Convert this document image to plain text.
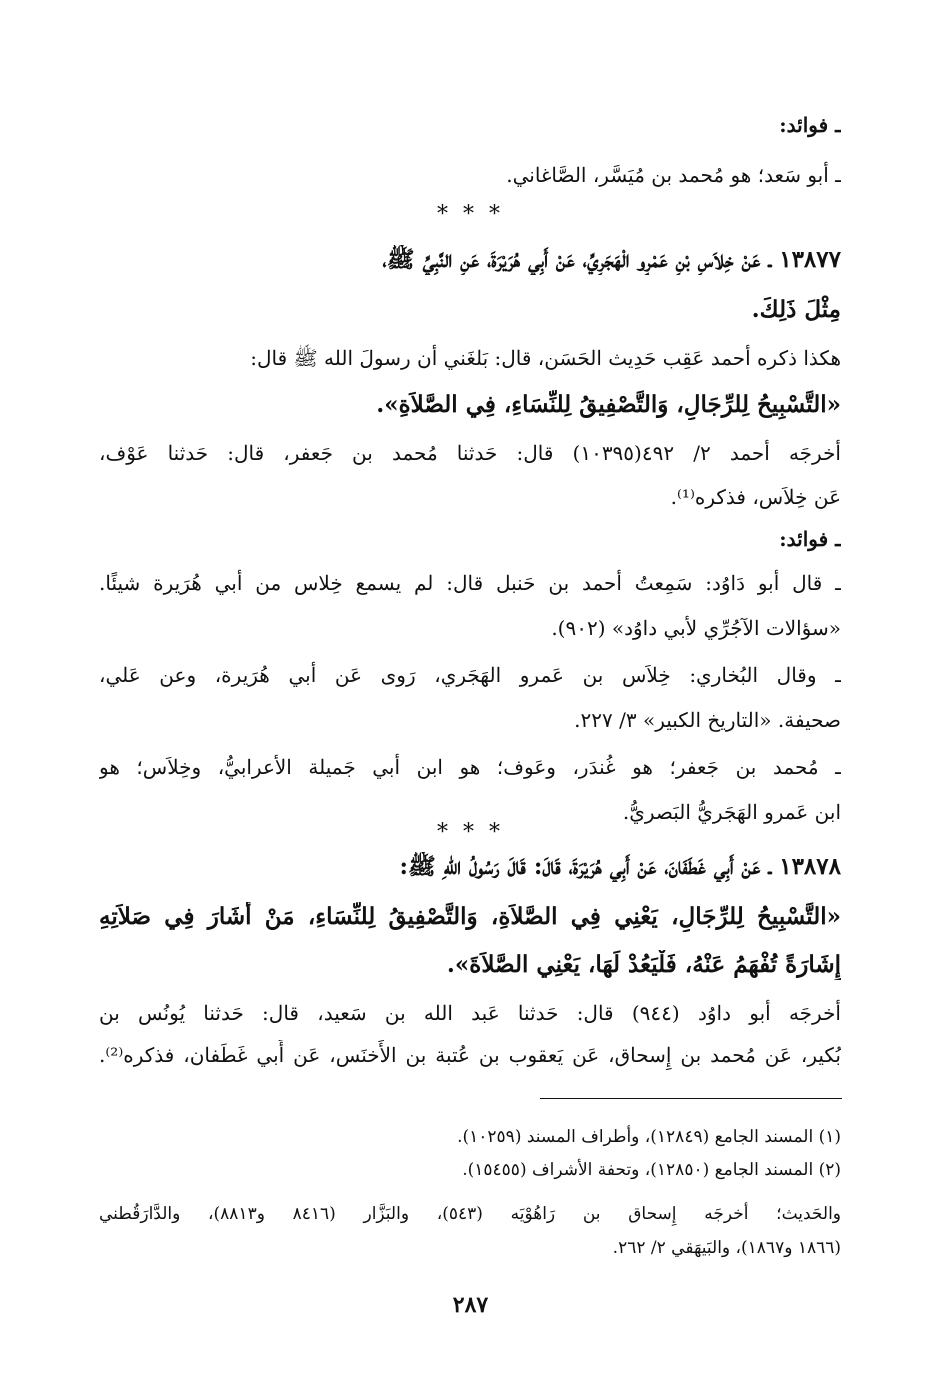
ـ فوائد:
ـ أبو سَعد؛ هو مُحمد بن مُيَسَّر، الصَّاغاني.
* * *
١٣٨٧٧ ـ عَنْ خِلاَسِ بْنِ عَمْرٍو الْهَجَرِيِّ، عَنْ أَبِي هُرَيْرَةَ، عَنِ النَّبِيِّ ﷺ،
مِثْلَ ذَلِكَ.
هكذا ذكره أحمد عَقِب حَدِيث الحَسَن، قال: بَلغَني أن رسولَ الله ﷺ قال:
«التَّسْبِيحُ لِلرِّجَالِ، وَالتَّصْفِيقُ لِلنِّسَاءِ، فِي الصَّلاَةِ».
أخرجَه أحمد ٢/ ٤٩٢(١٠٣٩٥) قال: حَدثنا مُحمد بن جَعفر، قال: حَدثنا عَوْف،
عَن خِلاَس، فذكره⁽¹⁾.
ـ فوائد:
ـ قال أبو دَاوُد: سَمِعتُ أحمد بن حَنبل قال: لم يسمع خِلاس من أبي هُرَيرة شيئًا.
«سؤالات الآجُرِّي لأبي داوُد» (٩٠٢).
ـ وقال البُخاري: خِلاَس بن عَمرو الهَجَري، رَوى عَن أبي هُرَيرة، وعن عَلي،
صحيفة. «التاريخ الكبير» ٣/ ٢٢٧.
ـ مُحمد بن جَعفر؛ هو غُندَر، وعَوف؛ هو ابن أبي جَميلة الأعرابيُّ، وخِلاَس؛ هو
ابن عَمرو الهَجَريُّ البَصريُّ.
* * *
١٣٨٧٨ ـ عَنْ أَبِي غَطَفَانَ، عَنْ أَبِي هُرَيْرَةَ، قَالَ: قَالَ رَسُولُ اللهِ ﷺ:
«التَّسْبِيحُ لِلرِّجَالِ، يَعْنِي فِي الصَّلاَةِ، وَالتَّصْفِيقُ لِلنِّسَاءِ، مَنْ أَشَارَ فِي صَلاَتِهِ
إِشَارَةً تُفْهَمُ عَنْهُ، فَلْيَعُدْ لَهَا، يَعْنِي الصَّلاَةَ».
أخرجَه أبو داوُد (٩٤٤) قال: حَدثنا عَبد الله بن سَعيد، قال: حَدثنا يُونُس بن
بُكير، عَن مُحمد بن إِسحاق، عَن يَعقوب بن عُتبة بن الأَخنَس، عَن أَبي غَطَفان، فذكره⁽²⁾.
(١) المسند الجامع (١٢٨٤٩)، وأطراف المسند (١٠٢٥٩).
(٢) المسند الجامع (١٢٨٥٠)، وتحفة الأشراف (١٥٤٥٥).
والحَديث؛ أخرجَه إِسحاق بن رَاهُوْيَه (٥٤٣)، والبَزَّار (٨٤١٦ و٨٨١٣)، والدَّارَقُطني
(١٨٦٦ و١٨٦٧)، والبَيهَقي ٢/ ٢٦٢.
٢٨٧
